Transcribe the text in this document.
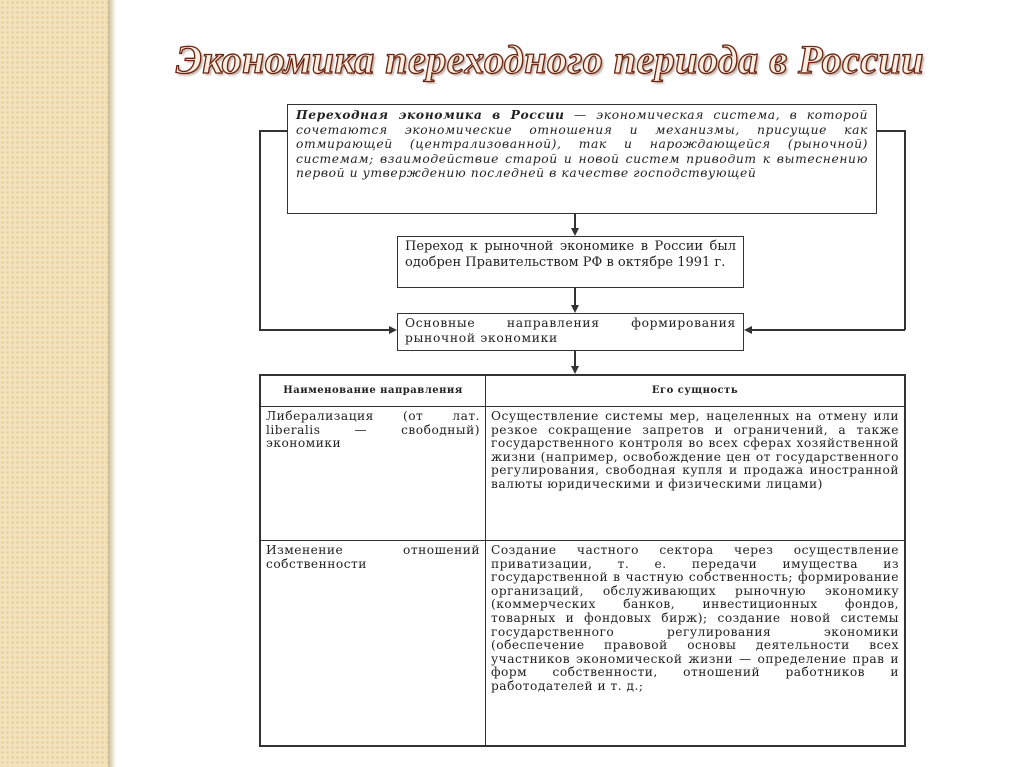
Экономика переходного периода в России
Переходная экономика в России — экономическая система, в которой сочетаются экономические отношения и механизмы, присущие как отмирающей (централизованной), так и нарождающейся (рыночной) системам; взаимодействие старой и новой систем приводит к вытеснению первой и утверждению последней в качестве господствующей
Переход к рыночной экономике в России был одобрен Правительством РФ в октябре 1991 г.
Основные направления формирования рыночной экономики
Наименование направления	Его сущность
Либерализация (от лат. liberalis — свободный) экономики	Осуществление системы мер, нацеленных на отмену или резкое сокращение запретов и ограничений, а также государственного контроля во всех сферах хозяйственной жизни (например, освобождение цен от государственного регулирования, свободная купля и продажа иностранной валюты юридическими и физическими лицами)
Изменение отношений собственности	Создание частного сектора через осуществление приватизации, т. е. передачи имущества из государственной в частную собственность; формирование организаций, обслуживающих рыночную экономику (коммерческих банков, инвестиционных фондов, товарных и фондовых бирж); создание новой системы государственного регулирования экономики (обеспечение правовой основы деятельности всех участников экономической жизни — определение прав и форм собственности, отношений работников и работодателей и т. д.;
